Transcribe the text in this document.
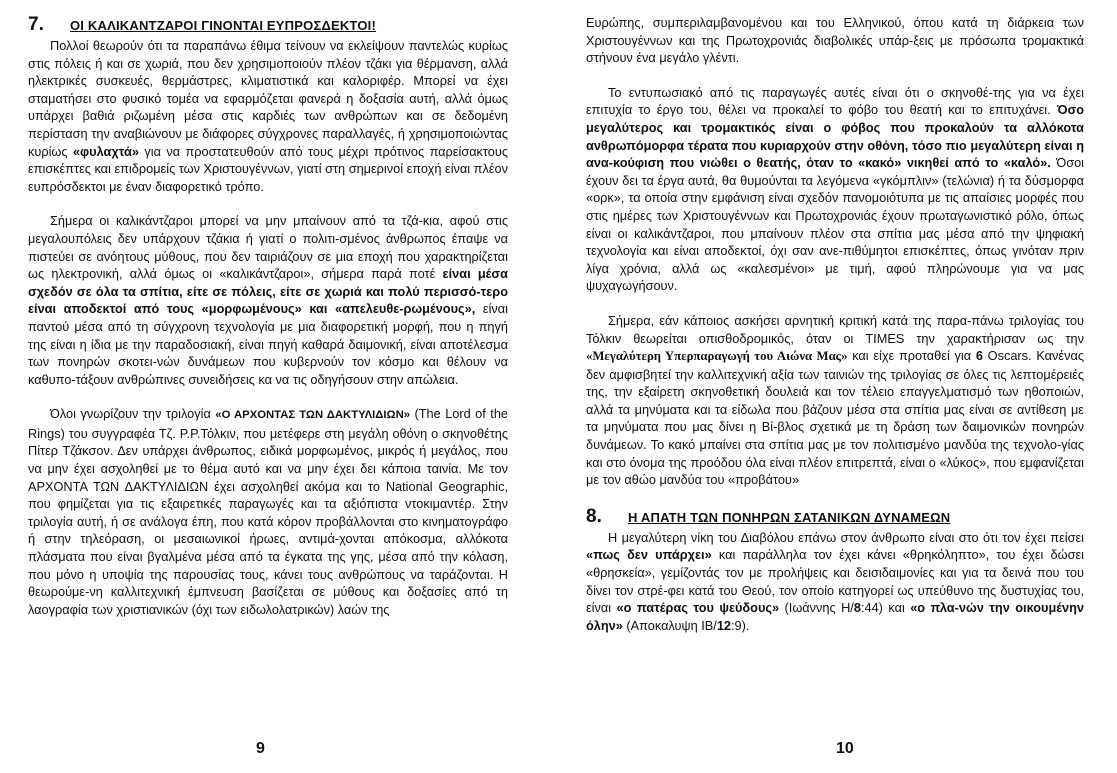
7.	ΟΙ ΚΑΛΙΚΑΝΤΖΑΡΟΙ ΓΙΝΟΝΤΑΙ ΕΥΠΡΟΣΔΕΚΤΟΙ!

Πολλοί θεωρούν ότι τα παραπάνω έθιμα τείνουν να εκλείψουν παντελώς κυρίως στις πόλεις ή και σε χωριά, που δεν χρησιμοποιούν πλέον τζάκι για θέρμανση, αλλά ηλεκτρικές συσκευές, θερμάστρες, κλιματιστικά και καλοριφέρ. Μπορεί να έχει σταματήσει στο φυσικό τομέα να εφαρμόζεται φανερά η δοξασία αυτή, αλλά όμως υπάρχει βαθιά ριζωμένη μέσα στις καρδιές των ανθρώπων και σε δεδομένη περίσταση την αναβιώνουν με διάφορες σύγχρονες παραλλαγές, ή χρησιμοποιώντας κυρίως «φυλαχτά» για να προστατευθούν από τους μέχρι πρότινος παρείσακτους επισκέπτες και επιδρομείς των Χριστουγέννων, γιατί στη σημερινοί εποχή είναι πλέον ευπρόσδεκτοι με έναν διαφορετικό τρόπο.

Σήμερα οι καλικάντζαροι μπορεί να μην μπαίνουν από τα τζά-κια, αφού στις μεγαλουπόλεις δεν υπάρχουν τζάκια ή γιατί ο πολιτι-σμένος άνθρωπος έπαψε να πιστεύει σε ανόητους μύθους, που δεν ταιριάζουν σε μια εποχή που χαρακτηρίζεται ως ηλεκτρονική, αλλά όμως οι «καλικάντζαροι», σήμερα παρά ποτέ είναι μέσα σχεδόν σε όλα τα σπίτια, είτε σε πόλεις, είτε σε χωριά και πολύ περισσό-τερο είναι αποδεκτοί από τους «μορφωμένους» και «απελευθε-ρωμένους», είναι παντού μέσα από τη σύγχρονη τεχνολογία με μια διαφορετική μορφή, που η πηγή της είναι η ίδια με την παραδοσιακή, είναι πηγή καθαρά δαιμονική, είναι αποτέλεσμα των πονηρών σκοτει-νών δυνάμεων που κυβερνούν τον κόσμο και θέλουν να καθυπο-τάξουν ανθρώπινες συνειδήσεις κα να τις οδηγήσουν στην απώλεια.

Όλοι γνωρίζουν την τριλογία «Ο ΑΡΧΟΝΤΑΣ ΤΩΝ ΔΑΚΤΥΛΙΔΙΩΝ» (The Lord of the Rings) του συγγραφέα Τζ. Ρ.Ρ.Τόλκιν, που μετέφερε στη μεγάλη οθόνη ο σκηνοθέτης Πίτερ Τζάκσον. Δεν υπάρχει άνθρωπος, ειδικά μορφωμένος, μικρός ή μεγάλος, που να μην έχει ασχοληθεί με το θέμα αυτό και να μην έχει δει κάποια ταινία. Με τον ΑΡΧΟΝΤΑ ΤΩΝ ΔΑΚΤΥΛΙΔΙΩΝ έχει ασχοληθεί ακόμα και το National Geographic, που φημίζεται για τις εξαιρετικές παραγωγές και τα αξιόπιστα ντοκιμαντέρ. Στην τριλογία αυτή, ή σε ανάλογα έπη, που κατά κόρον προβάλλονται στο κινηματογράφο ή στην τηλεόραση, οι μεσαιωνικοί ήρωες, αντιμά-χονται απόκοσμα, αλλόκοτα πλάσματα που είναι βγαλμένα μέσα από τα έγκατα της γης, μέσα από την κόλαση, που μόνο η υποψία της παρουσίας τους, κάνει τους ανθρώπους να ταράζονται. Η θεωρούμε-νη καλλιτεχνική έμπνευση βασίζεται σε μύθους και δοξασίες από τη λαογραφία των χριστιανικών (όχι των ειδωλολατρικών) λαών της

9

Ευρώπης, συμπεριλαμβανομένου και του Ελληνικού, όπου κατά τη διάρκεια των Χριστουγέννων και της Πρωτοχρονιάς διαβολικές υπάρ-ξεις με πρόσωπα τρομακτικά στήνουν ένα μεγάλο γλέντι.

Το εντυπωσιακό από τις παραγωγές αυτές είναι ότι ο σκηνοθέ-της για να έχει επιτυχία το έργο του, θέλει να προκαλεί το φόβο του θεατή και το επιτυχάνει. Όσο μεγαλύτερος και τρομακτικός είναι ο φόβος που προκαλούν τα αλλόκοτα ανθρωπόμορφα τέρατα που κυριαρχούν στην οθόνη, τόσο πιο μεγαλύτερη είναι η ανα-κούφιση που νιώθει ο θεατής, όταν το «κακό» νικηθεί από το «καλό». Όσοι έχουν δει τα έργα αυτά, θα θυμούνται τα λεγόμενα «γκόμπλιν» (τελώνια) ή τα δύσμορφα «ορκ», τα οποία στην εμφάνιση είναι σχεδόν πανομοιότυπα με τις απαίσιες μορφές που στις ημέρες των Χριστουγέννων και Πρωτοχρονιάς έχουν πρωταγωνιστικό ρόλο, όπως είναι οι καλικάντζαροι, που μπαίνουν πλέον στα σπίτια μας μέσα από την ψηφιακή τεχνολογία και είναι αποδεκτοί, όχι σαν ανε-πιθύμητοι επισκέπτες, όπως γινόταν πριν λίγα χρόνια, αλλά ως «καλεσμένοι» με τιμή, αφού πληρώνουμε για να μας ψυχαγωγήσουν.

Σήμερα, εάν κάποιος ασκήσει αρνητική κριτική κατά της παρα-πάνω τριλογίας του Τόλκιν θεωρείται οπισθοδρομικός, όταν οι TIMES την χαρακτήρισαν ως την «Μεγαλύτερη Υπερπαραγωγή του Αιώνα Μας» και είχε προταθεί για 6 Oscars. Κανένας δεν αμφισβητεί την καλλιτεχνική αξία των ταινιών της τριλογίας σε όλες τις λεπτομέρειές της, την εξαίρετη σκηνοθετική δουλειά και τον τέλειο επαγγελματισμό των ηθοποιών, αλλά τα μηνύματα και τα είδωλα που βάζουν μέσα στα σπίτια μας είναι σε αντίθεση με τα μηνύματα που μας δίνει η Βί-βλος σχετικά με τη δράση των δαιμονικών πονηρών δυνάμεων. Το κακό μπαίνει στα σπίτια μας με τον πολιτισμένο μανδύα της τεχνολο-γίας και στο όνομα της προόδου όλα είναι πλέον επιτρεπτά, είναι ο «λύκος», που εμφανίζεται με τον αθώο μανδύα του «προβάτου»

8.	Η ΑΠΑΤΗ ΤΩΝ ΠΟΝΗΡΩΝ ΣΑΤΑΝΙΚΩΝ ΔΥΝΑΜΕΩΝ

Η μεγαλύτερη νίκη του Διαβόλου επάνω στον άνθρωπο είναι στο ότι τον έχει πείσει «πως δεν υπάρχει» και παράλληλα τον έχει κάνει «θρηκόληπτο», του έχει δώσει «θρησκεία», γεμίζοντάς τον με προλήψεις και δεισιδαιμονίες και για τα δεινά που του δίνει τον στρέ-φει κατά του Θεού, τον οποίο κατηγορεί ως υπεύθυνο της δυστυχίας του, είναι «ο πατέρας του ψεύδους» (Ιωάννης Η/8:44) και «ο πλα-νών την οικουμένην όλην» (Αποκαλυψη ΙΒ/12:9).

10
